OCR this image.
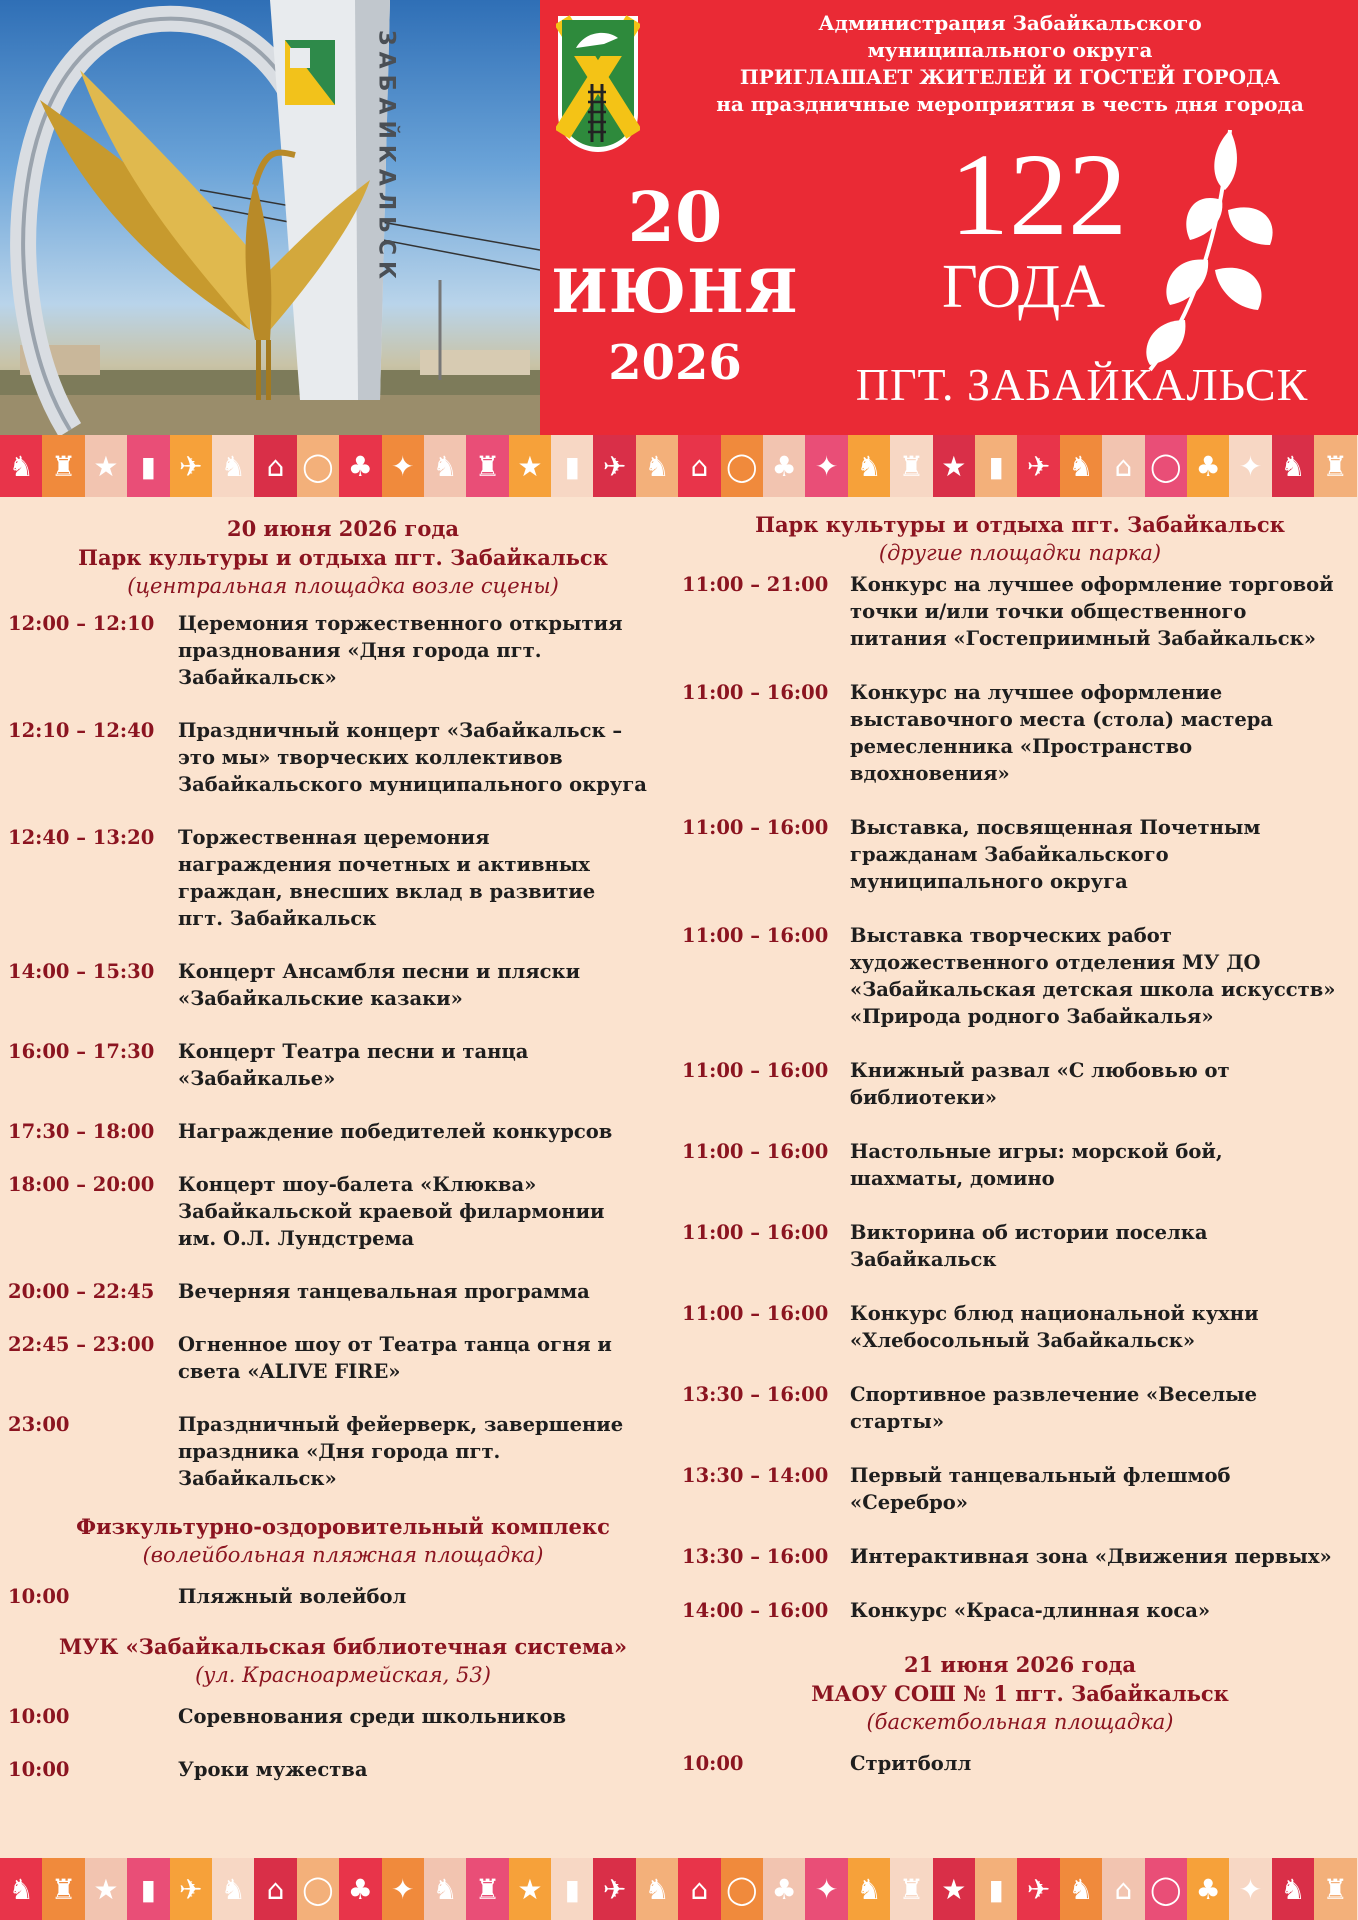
ЗАБАЙКАЛЬСК
Администрация Забайкальского
муниципального округа
ПРИГЛАШАЕТ ЖИТЕЛЕЙ И ГОСТЕЙ ГОРОДА
на праздничные мероприятия в честь дня города
20
ИЮНЯ
2026
122
ГОДА
ПГТ. ЗАБАЙКАЛЬСК
♞ ♜ ★ ▮ ✈ ♞ ⌂ ◯ ♣ ✦ ♞ ♜ ★ ▮ ✈ ♞ ⌂ ◯ ♣ ✦ ♞ ♜ ★ ▮ ✈ ♞ ⌂ ◯ ♣ ✦ ♞ ♜
20 июня 2026 года
Парк культуры и отдыха пгт. Забайкальск
(центральная площадка возле сцены)
12:00 – 12:10	Церемония торжественного открытия
празднования «Дня города пгт.
Забайкальск»
12:10 – 12:40	Праздничный концерт «Забайкальск –
это мы» творческих коллективов
Забайкальского муниципального округа
12:40 – 13:20	Торжественная церемония
награждения почетных и активных
граждан, внесших вклад в развитие
пгт. Забайкальск
14:00 – 15:30	Концерт Ансамбля песни и пляски
«Забайкальские казаки»
16:00 – 17:30	Концерт Театра песни и танца
«Забайкалье»
17:30 – 18:00	Награждение победителей конкурсов
18:00 – 20:00	Концерт шоу-балета «Клюква»
Забайкальской краевой филармонии
им. О.Л. Лундстрема
20:00 – 22:45	Вечерняя танцевальная программа
22:45 – 23:00	Огненное шоу от Театра танца огня и
света «ALIVE FIRE»
23:00	Праздничный фейерверк, завершение
праздника «Дня города пгт.
Забайкальск»
Физкультурно-оздоровительный комплекс
(волейбольная пляжная площадка)
10:00	Пляжный волейбол
МУК «Забайкальская библиотечная система»
(ул. Красноармейская, 53)
10:00	Соревнования среди школьников
10:00	Уроки мужества
Парк культуры и отдыха пгт. Забайкальск
(другие площадки парка)
11:00 – 21:00	Конкурс на лучшее оформление торговой
точки и/или точки общественного
питания «Гостеприимный Забайкальск»
11:00 – 16:00	Конкурс на лучшее оформление
выставочного места (стола) мастера
ремесленника «Пространство
вдохновения»
11:00 – 16:00	Выставка, посвященная Почетным
гражданам Забайкальского
муниципального округа
11:00 – 16:00	Выставка творческих работ
художественного отделения МУ ДО
«Забайкальская детская школа искусств»
«Природа родного Забайкалья»
11:00 – 16:00	Книжный развал «С любовью от
библиотеки»
11:00 – 16:00	Настольные игры: морской бой,
шахматы, домино
11:00 – 16:00	Викторина об истории поселка
Забайкальск
11:00 – 16:00	Конкурс блюд национальной кухни
«Хлебосольный Забайкальск»
13:30 – 16:00	Спортивное развлечение «Веселые
старты»
13:30 – 14:00	Первый танцевальный флешмоб
«Серебро»
13:30 – 16:00	Интерактивная зона «Движения первых»
14:00 – 16:00	Конкурс «Краса-длинная коса»
21 июня 2026 года
МАОУ СОШ № 1 пгт. Забайкальск
(баскетбольная площадка)
10:00	Стритболл
♞ ♜ ★ ▮ ✈ ♞ ⌂ ◯ ♣ ✦ ♞ ♜ ★ ▮ ✈ ♞ ⌂ ◯ ♣ ✦ ♞ ♜ ★ ▮ ✈ ♞ ⌂ ◯ ♣ ✦ ♞ ♜
